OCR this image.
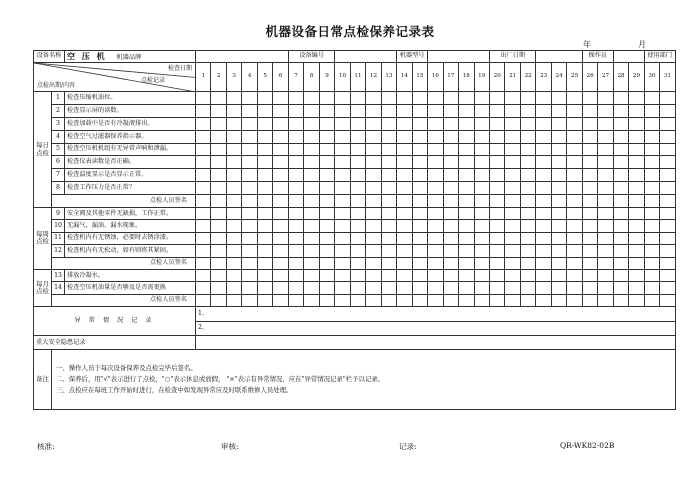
机器设备日常点检保养记录表
年	月
设备名称		空 压 机 机器品牌							设备编号							机器型号						出厂日期						操作员				使用部门		

检查日期
点检记录
点检出期/内容			1	2	3	4	5	6	7	8	9	10	11	12	13	14	15	16	17	18	19	20	21	22	23	24	25	26	27	28	29	30	31	
每日点检	1	检查压缩机油位。																																
	2	检查显示屏的读数。																																
	3	检查加载中是否有冷凝液排出。																																
	4	检查空气过滤器保养指示器。																																
	5	检查空压机机组有无异常声响和泄漏。																																
	6	检查仪表读数是否正确。																																
	7	检查温度显示是否显示正常。																																
	8	检查工作压力是否正常？																																
	点检人员签名																																	
每周点检	9	安全阀及其他零件无缺损，工作正常。																																
	10	无漏气、漏油、漏水现象。																																
	11	检查机内有无锈蚀，必要时去锈涂漆。																																
	12	检查机内有无松动，如有则将其紧固。																																
	点检人员签名																																	
每月点检	13	排放冷凝水。																																
	14	检查空压机油量是否够及是否需更换																																
	点检人员签名																																	
异 常 情 况 记 录			1、																															
			2、																															
重大安全隐患记录																																		
备注	一、操作人员于每次设备保养及点检完毕后签名。
二、保养后，用"√"表示进行了点检，"○"表示休息或放假， "×"表示有异常情况，应在"异常情况记录"栏予以记录。
三、点检应在每班工作开始时进行，在检查中如发现异常应及时联系维修人员处理。																																	
核准:	审核:	记录:	QR-WK82-02B
